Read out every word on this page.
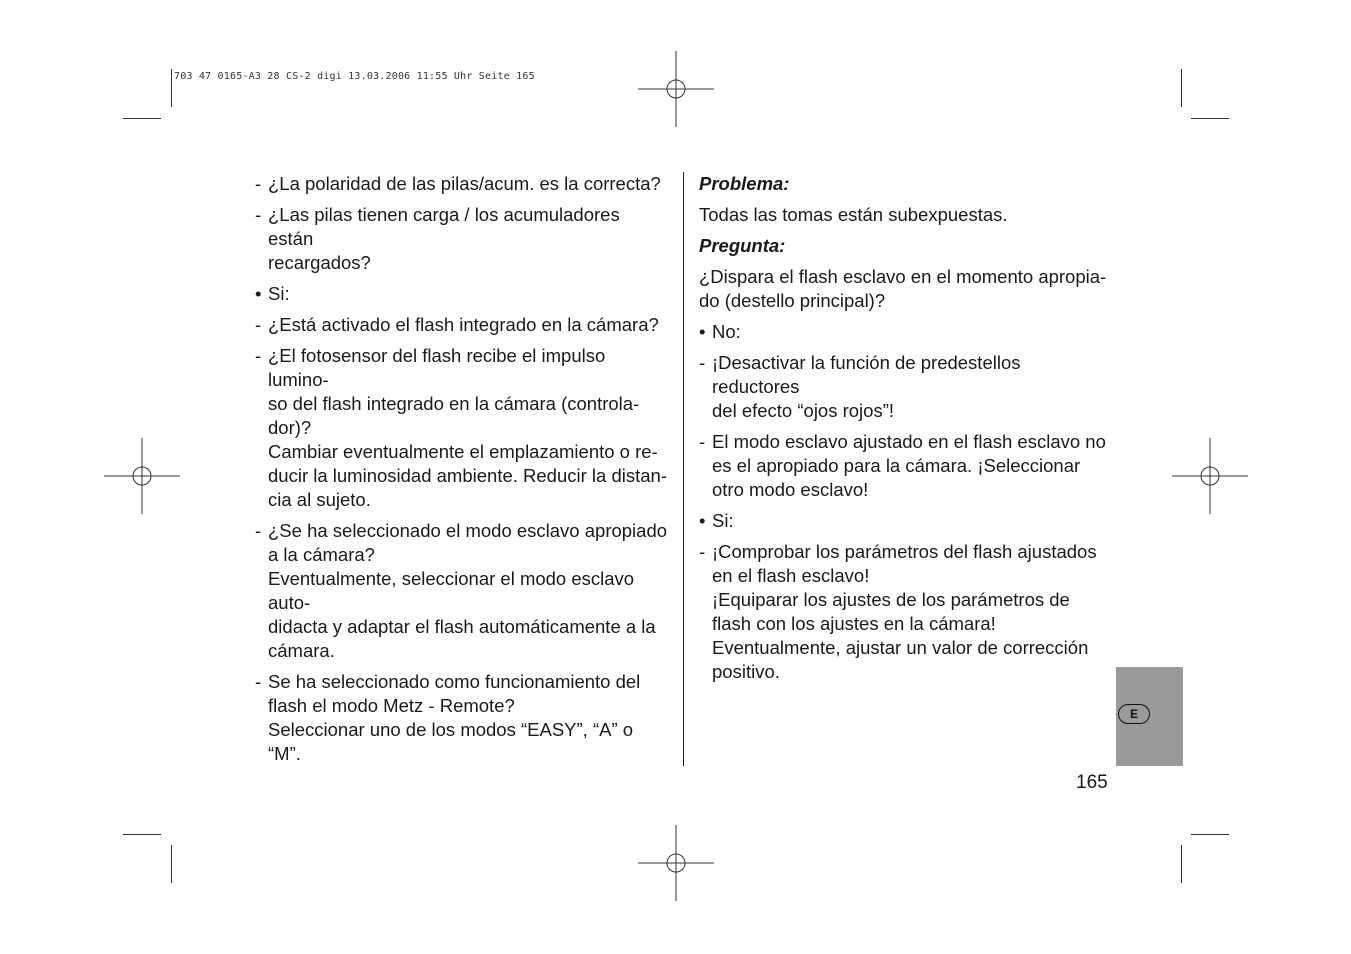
703 47 0165-A3 28 CS-2 digi 13.03.2006 11:55 Uhr Seite 165
- ¿La polaridad de las pilas/acum. es la correcta?
- ¿Las pilas tienen carga / los acumuladores están
recargados?
• Si:
- ¿Está activado el flash integrado en la cámara?
- ¿El fotosensor del flash recibe el impulso lumino-
so del flash integrado en la cámara (controla-
dor)?
Cambiar eventualmente el emplazamiento o re-
ducir la luminosidad ambiente. Reducir la distan-
cia al sujeto.
- ¿Se ha seleccionado el modo esclavo apropiado
a la cámara?
Eventualmente, seleccionar el modo esclavo auto-
didacta y adaptar el flash automáticamente a la
cámara.
- Se ha seleccionado como funcionamiento del
flash el modo Metz - Remote?
Seleccionar uno de los modos “EASY”, “A” o
“M”.
Problema:
Todas las tomas están subexpuestas.
Pregunta:
¿Dispara el flash esclavo en el momento apropia-
do (destello principal)?
• No:
- ¡Desactivar la función de predestellos reductores
del efecto “ojos rojos”!
- El modo esclavo ajustado en el flash esclavo no
es el apropiado para la cámara. ¡Seleccionar
otro modo esclavo!
• Si:
- ¡Comprobar los parámetros del flash ajustados
en el flash esclavo!
¡Equiparar los ajustes de los parámetros de
flash con los ajustes en la cámara!
Eventualmente, ajustar un valor de corrección
positivo.
E
165
